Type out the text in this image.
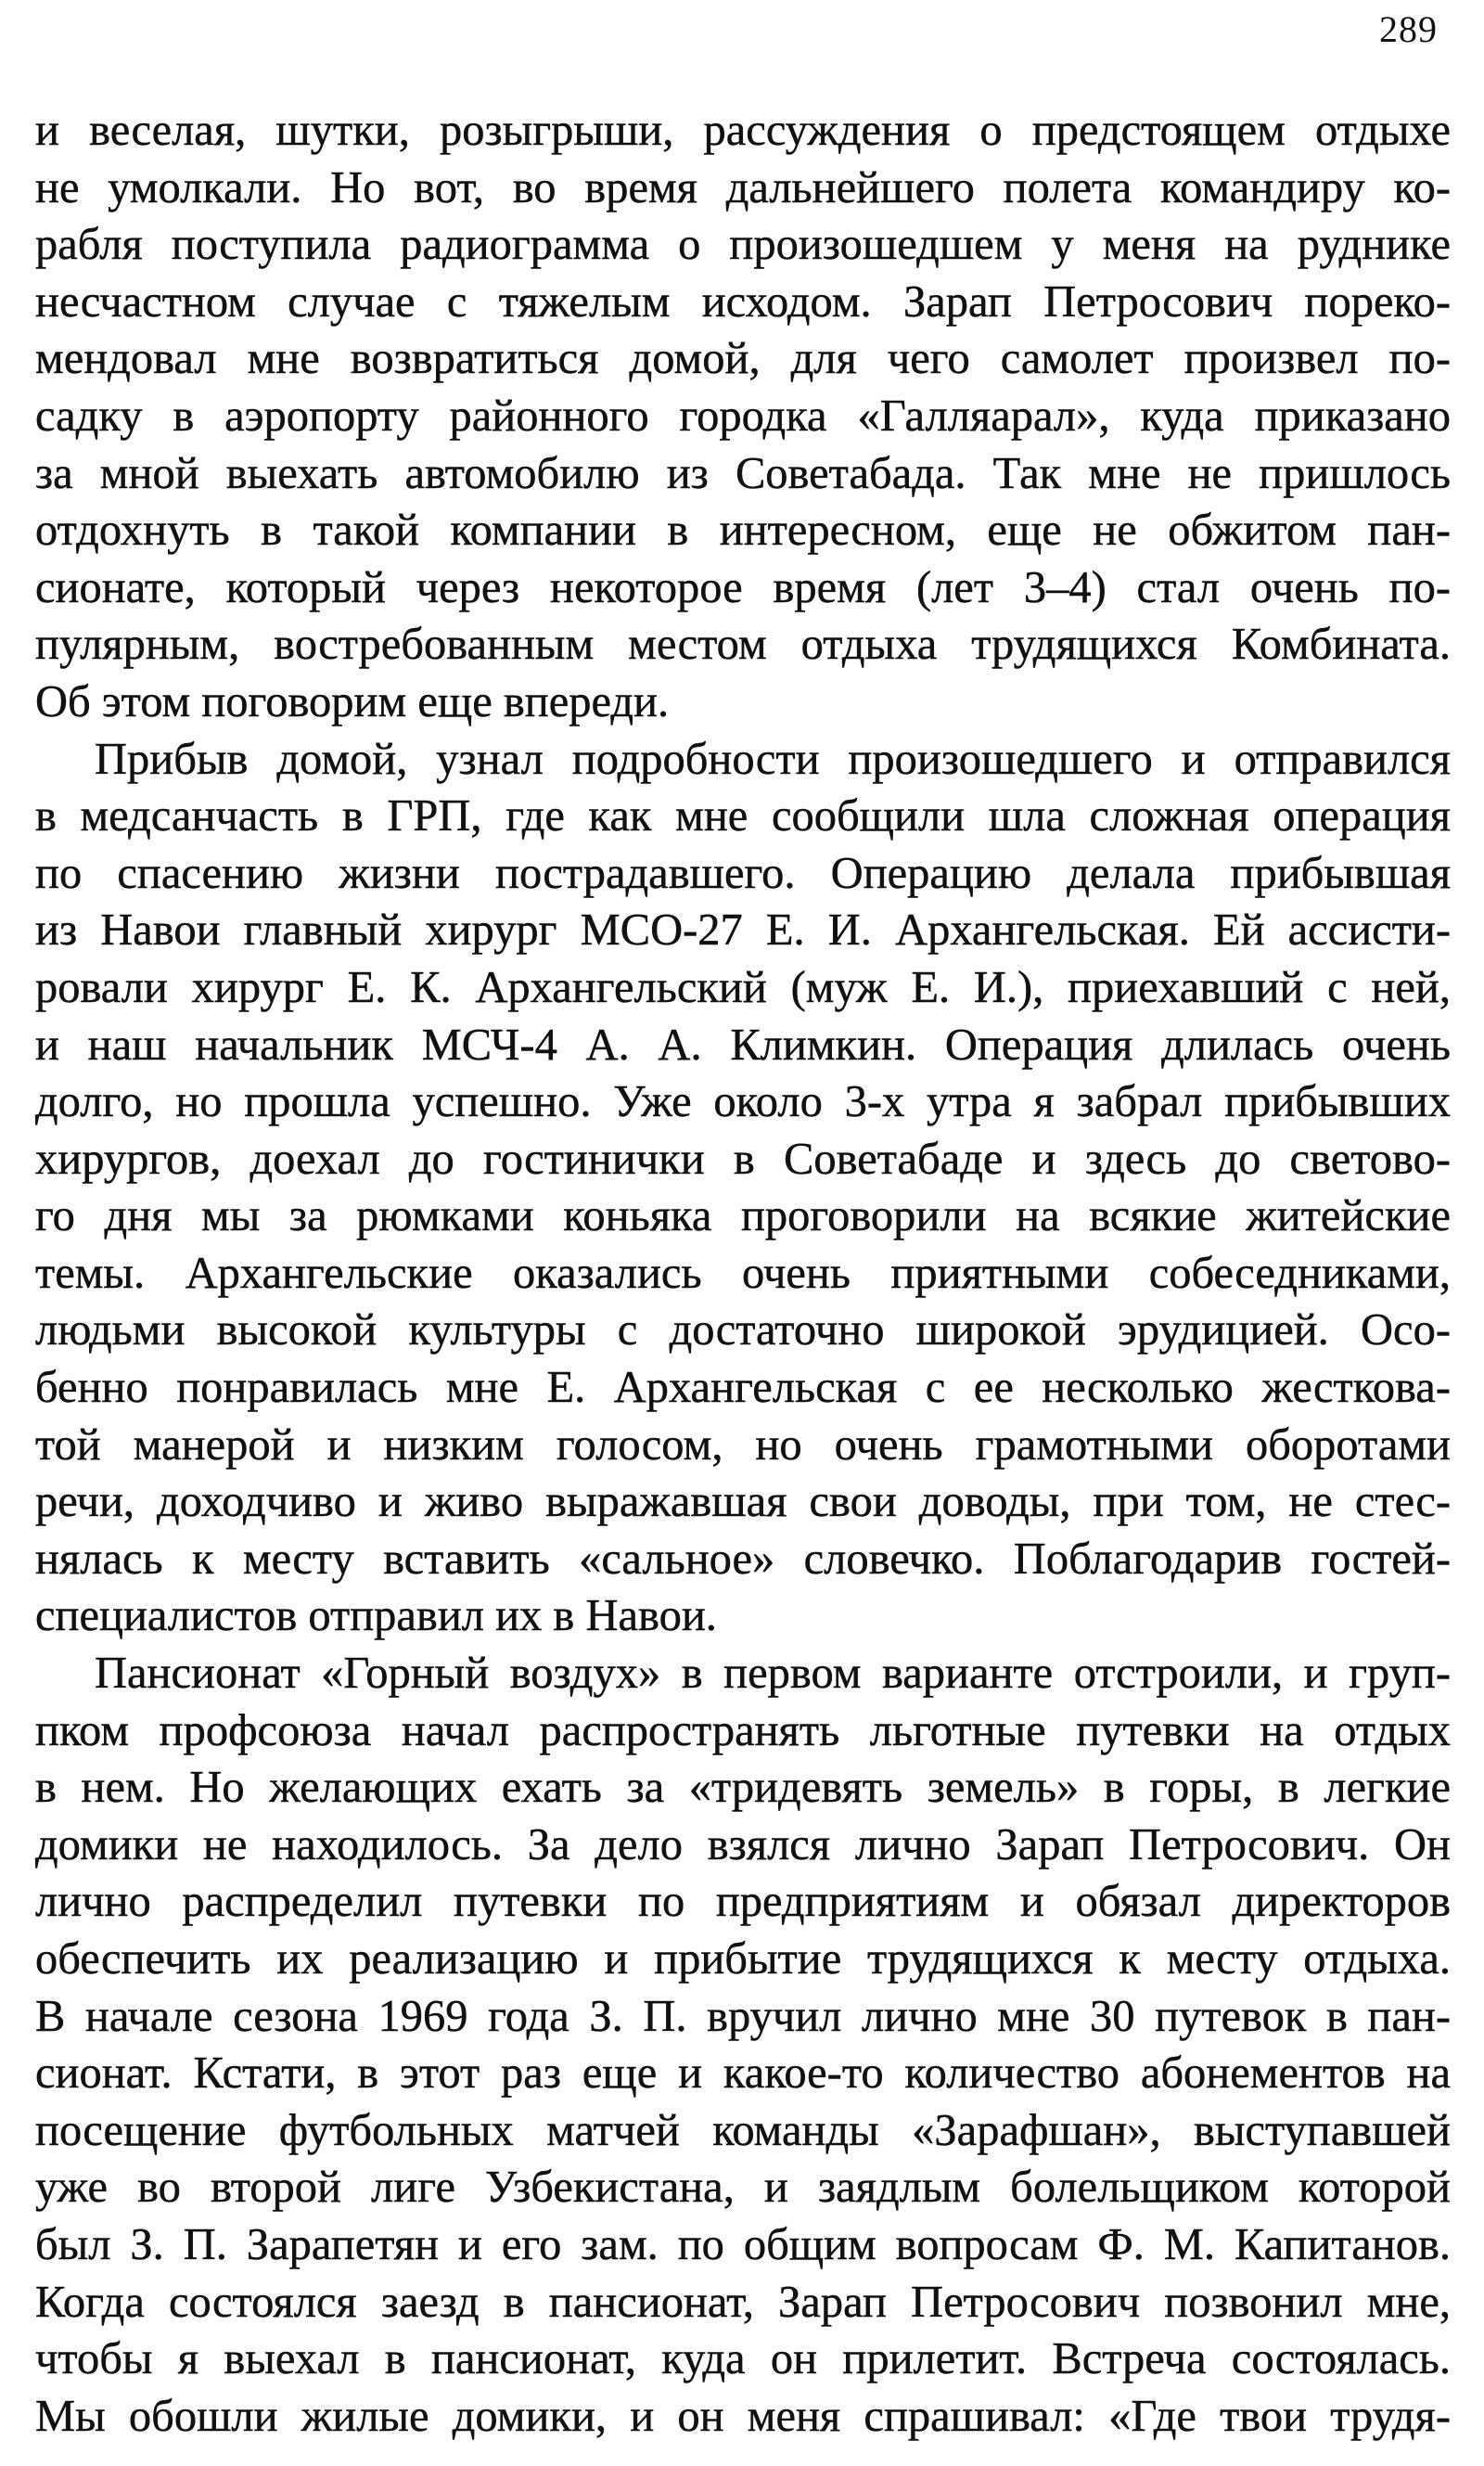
289
и веселая, шутки, розыгрыши, рассуждения о предстоящем отдыхе
не умолкали. Но вот, во время дальнейшего полета командиру ко-
рабля поступила радиограмма о произошедшем у меня на руднике
несчастном случае с тяжелым исходом. Зарап Петросович пореко-
мендовал мне возвратиться домой, для чего самолет произвел по-
садку в аэропорту районного городка «Галляарал», куда приказано
за мной выехать автомобилю из Советабада. Так мне не пришлось
отдохнуть в такой компании в интересном, еще не обжитом пан-
сионате, который через некоторое время (лет 3–4) стал очень по-
пулярным, востребованным местом отдыха трудящихся Комбината.
Об этом поговорим еще впереди.
Прибыв домой, узнал подробности произошедшего и отправился
в медсанчасть в ГРП, где как мне сообщили шла сложная операция
по спасению жизни пострадавшего. Операцию делала прибывшая
из Навои главный хирург МСО-27 Е. И. Архангельская. Ей ассисти-
ровали хирург Е. К. Архангельский (муж Е. И.), приехавший с ней,
и наш начальник МСЧ-4 А. А. Климкин. Операция длилась очень
долго, но прошла успешно. Уже около 3-х утра я забрал прибывших
хирургов, доехал до гостинички в Советабаде и здесь до светово-
го дня мы за рюмками коньяка проговорили на всякие житейские
темы. Архангельские оказались очень приятными собеседниками,
людьми высокой культуры с достаточно широкой эрудицией. Осо-
бенно понравилась мне Е. Архангельская с ее несколько жесткова-
той манерой и низким голосом, но очень грамотными оборотами
речи, доходчиво и живо выражавшая свои доводы, при том, не стес-
нялась к месту вставить «сальное» словечко. Поблагодарив гостей-
специалистов отправил их в Навои.
Пансионат «Горный воздух» в первом варианте отстроили, и груп-
пком профсоюза начал распространять льготные путевки на отдых
в нем. Но желающих ехать за «тридевять земель» в горы, в легкие
домики не находилось. За дело взялся лично Зарап Петросович. Он
лично распределил путевки по предприятиям и обязал директоров
обеспечить их реализацию и прибытие трудящихся к месту отдыха.
В начале сезона 1969 года З. П. вручил лично мне 30 путевок в пан-
сионат. Кстати, в этот раз еще и какое-то количество абонементов на
посещение футбольных матчей команды «Зарафшан», выступавшей
уже во второй лиге Узбекистана, и заядлым болельщиком которой
был З. П. Зарапетян и его зам. по общим вопросам Ф. М. Капитанов.
Когда состоялся заезд в пансионат, Зарап Петросович позвонил мне,
чтобы я выехал в пансионат, куда он прилетит. Встреча состоялась.
Мы обошли жилые домики, и он меня спрашивал: «Где твои трудя-
